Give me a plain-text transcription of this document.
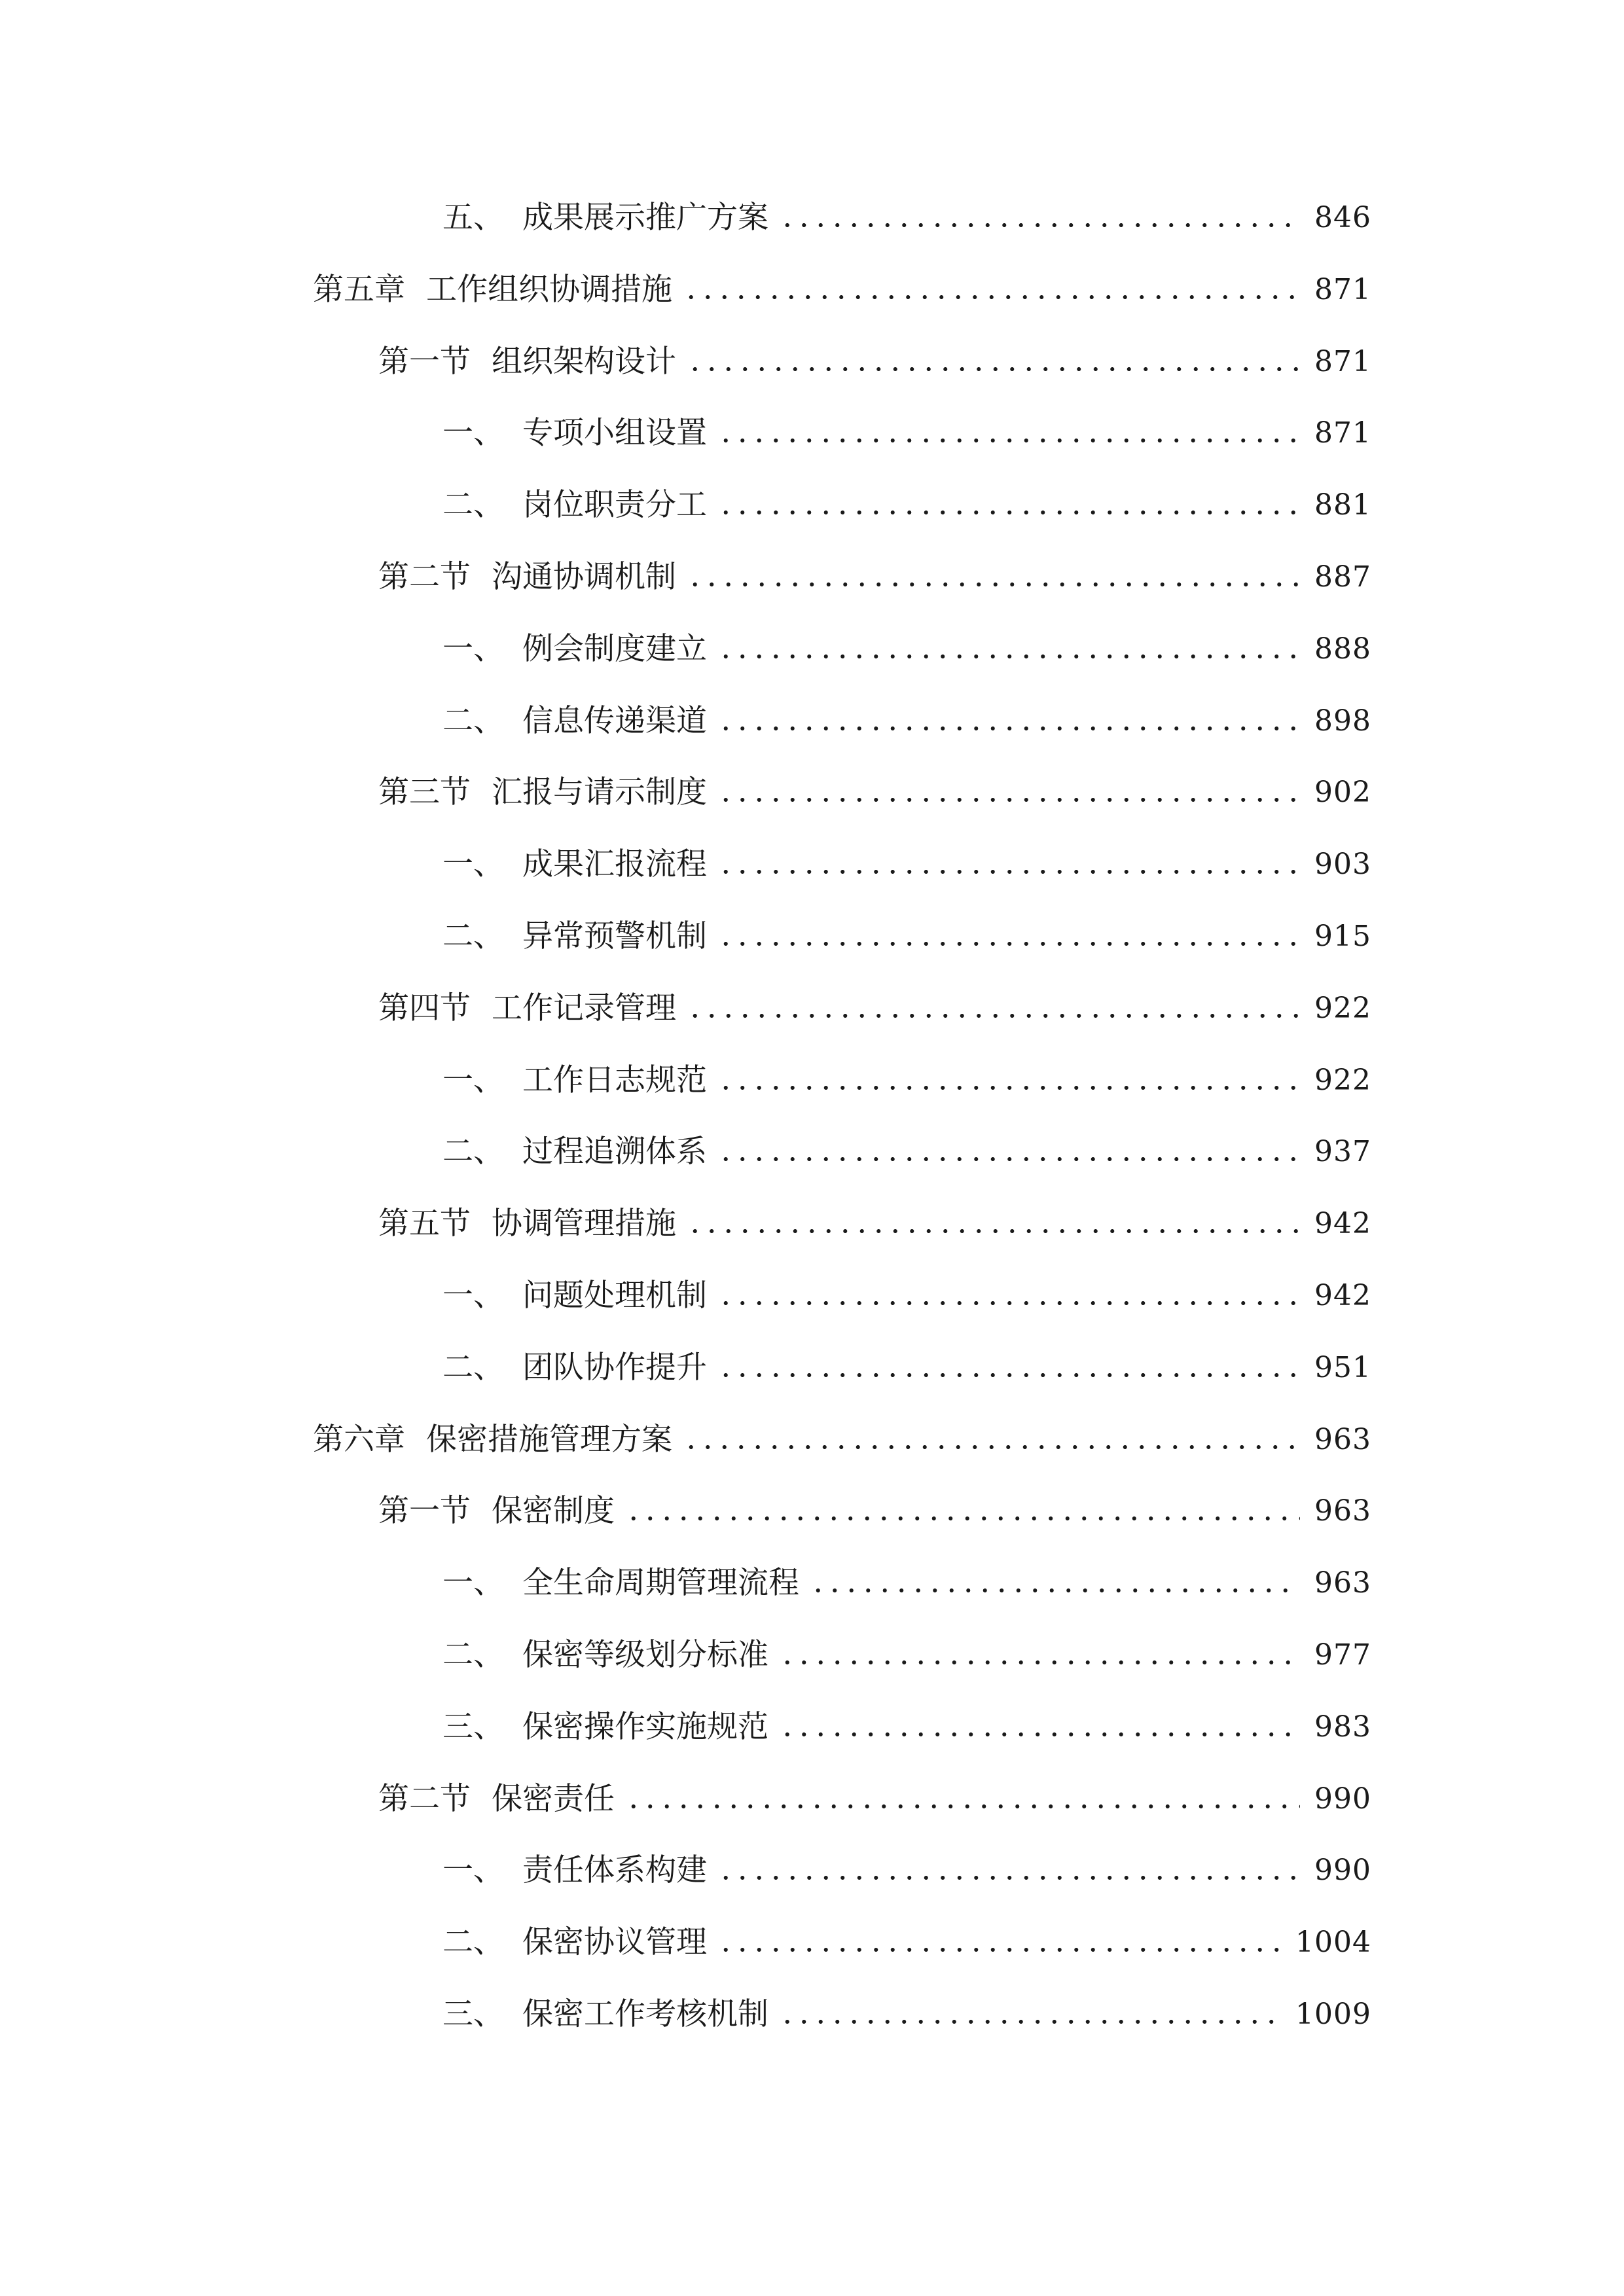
五、 成果展示推广方案	846
第五章 工作组织协调措施	871
第一节 组织架构设计	871
一、 专项小组设置	871
二、 岗位职责分工	881
第二节 沟通协调机制	887
一、 例会制度建立	888
二、 信息传递渠道	898
第三节 汇报与请示制度	902
一、 成果汇报流程	903
二、 异常预警机制	915
第四节 工作记录管理	922
一、 工作日志规范	922
二、 过程追溯体系	937
第五节 协调管理措施	942
一、 问题处理机制	942
二、 团队协作提升	951
第六章 保密措施管理方案	963
第一节 保密制度	963
一、 全生命周期管理流程	963
二、 保密等级划分标准	977
三、 保密操作实施规范	983
第二节 保密责任	990
一、 责任体系构建	990
二、 保密协议管理	1004
三、 保密工作考核机制	1009
